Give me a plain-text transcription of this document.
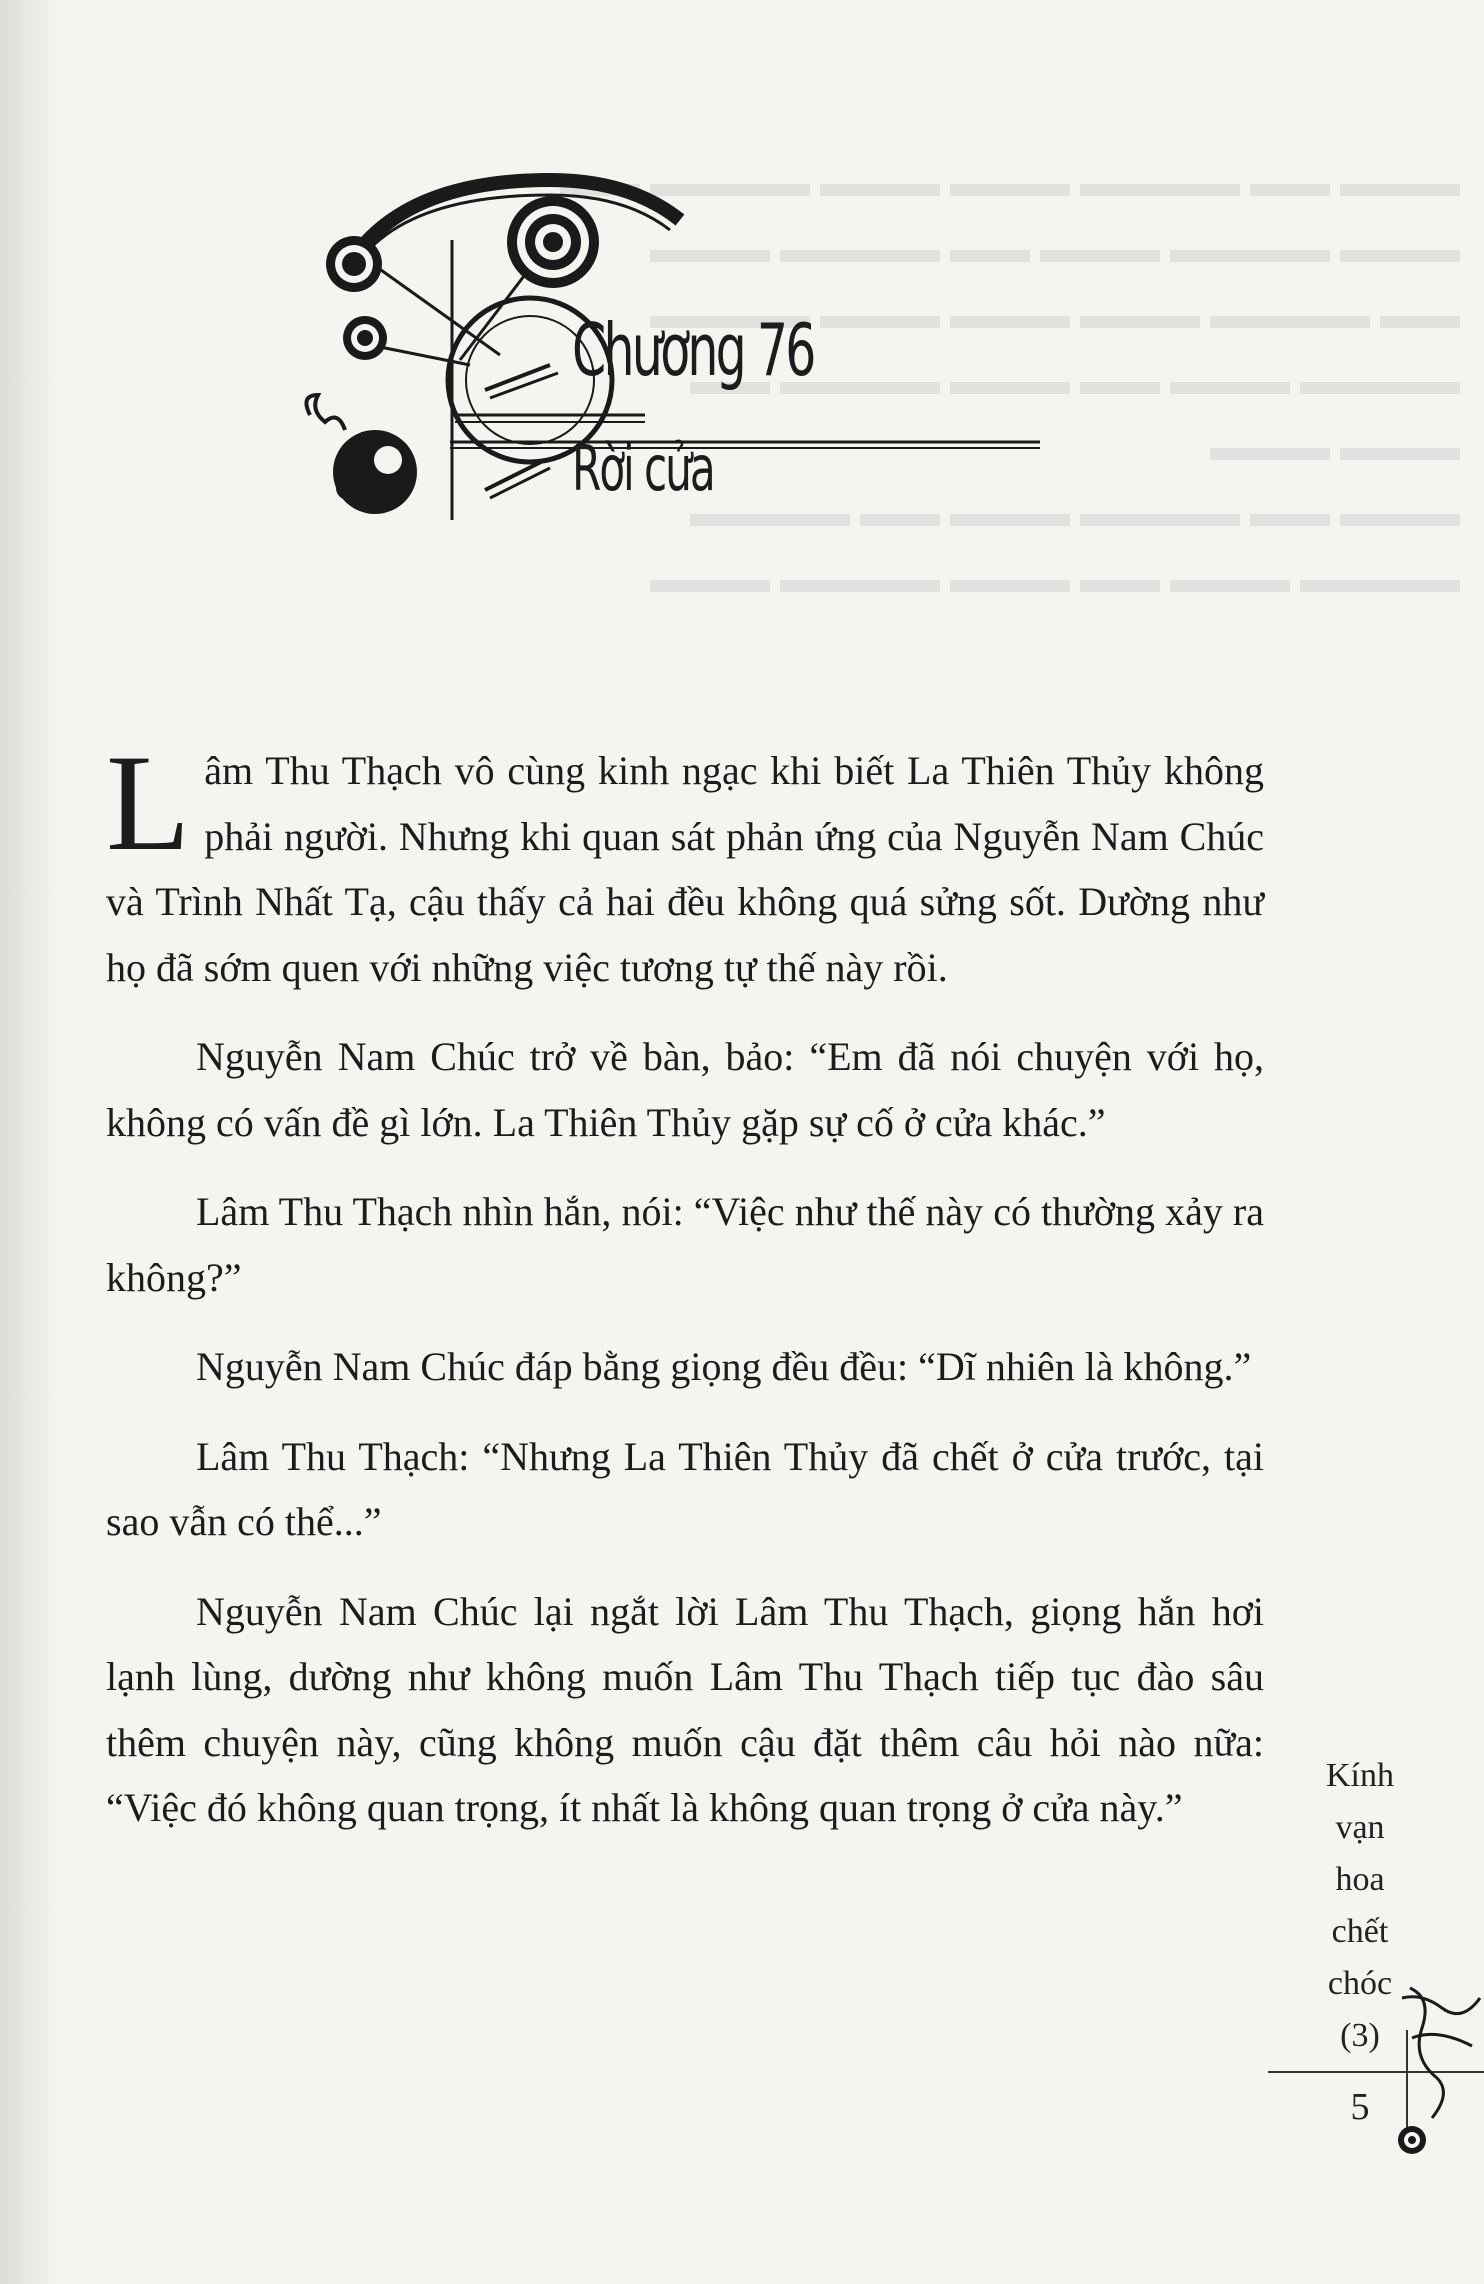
▬▬▬ ▬▬ ▬▬▬▬ ▬▬▬ ▬▬▬ ▬▬▬▬ ▬▬
▬▬▬ ▬▬▬▬ ▬▬▬ ▬▬ ▬▬▬▬ ▬▬▬
▬▬ ▬▬▬▬ ▬▬▬ ▬▬▬ ▬▬▬ ▬▬▬▬
▬▬▬▬ ▬▬▬ ▬▬ ▬▬▬ ▬▬▬▬ ▬▬
▬▬▬ ▬▬▬
▬▬▬ ▬▬ ▬▬▬▬ ▬▬▬ ▬▬ ▬▬▬▬
▬▬▬▬ ▬▬▬ ▬▬ ▬▬▬ ▬▬▬▬ ▬▬▬
Chương 76
Rời cửa

Lâm Thu Thạch vô cùng kinh ngạc khi biết La Thiên Thủy không phải người. Nhưng khi quan sát phản ứng của Nguyễn Nam Chúc và Trình Nhất Tạ, cậu thấy cả hai đều không quá sửng sốt. Dường như họ đã sớm quen với những việc tương tự thế này rồi.

Nguyễn Nam Chúc trở về bàn, bảo: “Em đã nói chuyện với họ, không có vấn đề gì lớn. La Thiên Thủy gặp sự cố ở cửa khác.”

Lâm Thu Thạch nhìn hắn, nói: “Việc như thế này có thường xảy ra không?”

Nguyễn Nam Chúc đáp bằng giọng đều đều: “Dĩ nhiên là không.”

Lâm Thu Thạch: “Nhưng La Thiên Thủy đã chết ở cửa trước, tại sao vẫn có thể...”

Nguyễn Nam Chúc lại ngắt lời Lâm Thu Thạch, giọng hắn hơi lạnh lùng, dường như không muốn Lâm Thu Thạch tiếp tục đào sâu thêm chuyện này, cũng không muốn cậu đặt thêm câu hỏi nào nữa: “Việc đó không quan trọng, ít nhất là không quan trọng ở cửa này.”

Kính
vạn
hoa
chết
chóc
(3)
5
